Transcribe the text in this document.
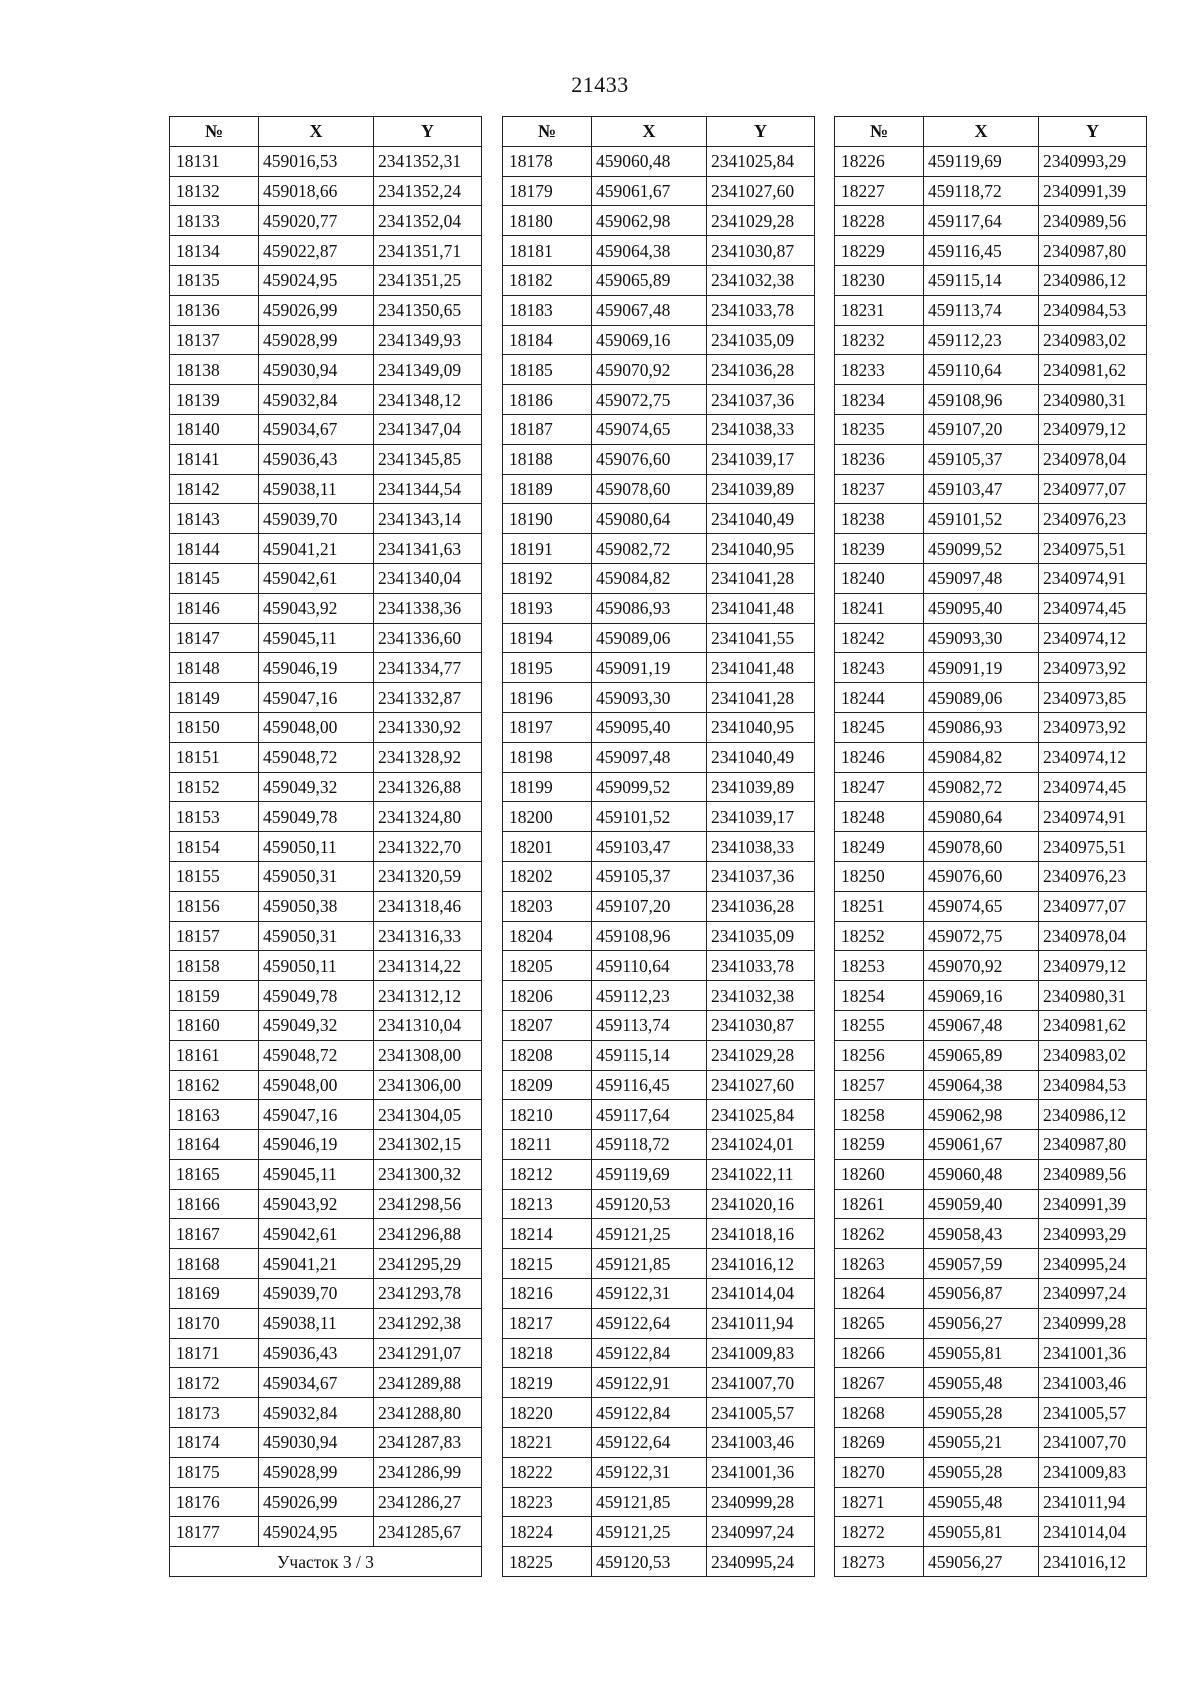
21433
№	X	Y
18131	459016,53	2341352,31
18132	459018,66	2341352,24
18133	459020,77	2341352,04
18134	459022,87	2341351,71
18135	459024,95	2341351,25
18136	459026,99	2341350,65
18137	459028,99	2341349,93
18138	459030,94	2341349,09
18139	459032,84	2341348,12
18140	459034,67	2341347,04
18141	459036,43	2341345,85
18142	459038,11	2341344,54
18143	459039,70	2341343,14
18144	459041,21	2341341,63
18145	459042,61	2341340,04
18146	459043,92	2341338,36
18147	459045,11	2341336,60
18148	459046,19	2341334,77
18149	459047,16	2341332,87
18150	459048,00	2341330,92
18151	459048,72	2341328,92
18152	459049,32	2341326,88
18153	459049,78	2341324,80
18154	459050,11	2341322,70
18155	459050,31	2341320,59
18156	459050,38	2341318,46
18157	459050,31	2341316,33
18158	459050,11	2341314,22
18159	459049,78	2341312,12
18160	459049,32	2341310,04
18161	459048,72	2341308,00
18162	459048,00	2341306,00
18163	459047,16	2341304,05
18164	459046,19	2341302,15
18165	459045,11	2341300,32
18166	459043,92	2341298,56
18167	459042,61	2341296,88
18168	459041,21	2341295,29
18169	459039,70	2341293,78
18170	459038,11	2341292,38
18171	459036,43	2341291,07
18172	459034,67	2341289,88
18173	459032,84	2341288,80
18174	459030,94	2341287,83
18175	459028,99	2341286,99
18176	459026,99	2341286,27
18177	459024,95	2341285,67
Участок 3 / 3		
№	X	Y
18178	459060,48	2341025,84
18179	459061,67	2341027,60
18180	459062,98	2341029,28
18181	459064,38	2341030,87
18182	459065,89	2341032,38
18183	459067,48	2341033,78
18184	459069,16	2341035,09
18185	459070,92	2341036,28
18186	459072,75	2341037,36
18187	459074,65	2341038,33
18188	459076,60	2341039,17
18189	459078,60	2341039,89
18190	459080,64	2341040,49
18191	459082,72	2341040,95
18192	459084,82	2341041,28
18193	459086,93	2341041,48
18194	459089,06	2341041,55
18195	459091,19	2341041,48
18196	459093,30	2341041,28
18197	459095,40	2341040,95
18198	459097,48	2341040,49
18199	459099,52	2341039,89
18200	459101,52	2341039,17
18201	459103,47	2341038,33
18202	459105,37	2341037,36
18203	459107,20	2341036,28
18204	459108,96	2341035,09
18205	459110,64	2341033,78
18206	459112,23	2341032,38
18207	459113,74	2341030,87
18208	459115,14	2341029,28
18209	459116,45	2341027,60
18210	459117,64	2341025,84
18211	459118,72	2341024,01
18212	459119,69	2341022,11
18213	459120,53	2341020,16
18214	459121,25	2341018,16
18215	459121,85	2341016,12
18216	459122,31	2341014,04
18217	459122,64	2341011,94
18218	459122,84	2341009,83
18219	459122,91	2341007,70
18220	459122,84	2341005,57
18221	459122,64	2341003,46
18222	459122,31	2341001,36
18223	459121,85	2340999,28
18224	459121,25	2340997,24
18225	459120,53	2340995,24
№	X	Y
18226	459119,69	2340993,29
18227	459118,72	2340991,39
18228	459117,64	2340989,56
18229	459116,45	2340987,80
18230	459115,14	2340986,12
18231	459113,74	2340984,53
18232	459112,23	2340983,02
18233	459110,64	2340981,62
18234	459108,96	2340980,31
18235	459107,20	2340979,12
18236	459105,37	2340978,04
18237	459103,47	2340977,07
18238	459101,52	2340976,23
18239	459099,52	2340975,51
18240	459097,48	2340974,91
18241	459095,40	2340974,45
18242	459093,30	2340974,12
18243	459091,19	2340973,92
18244	459089,06	2340973,85
18245	459086,93	2340973,92
18246	459084,82	2340974,12
18247	459082,72	2340974,45
18248	459080,64	2340974,91
18249	459078,60	2340975,51
18250	459076,60	2340976,23
18251	459074,65	2340977,07
18252	459072,75	2340978,04
18253	459070,92	2340979,12
18254	459069,16	2340980,31
18255	459067,48	2340981,62
18256	459065,89	2340983,02
18257	459064,38	2340984,53
18258	459062,98	2340986,12
18259	459061,67	2340987,80
18260	459060,48	2340989,56
18261	459059,40	2340991,39
18262	459058,43	2340993,29
18263	459057,59	2340995,24
18264	459056,87	2340997,24
18265	459056,27	2340999,28
18266	459055,81	2341001,36
18267	459055,48	2341003,46
18268	459055,28	2341005,57
18269	459055,21	2341007,70
18270	459055,28	2341009,83
18271	459055,48	2341011,94
18272	459055,81	2341014,04
18273	459056,27	2341016,12
